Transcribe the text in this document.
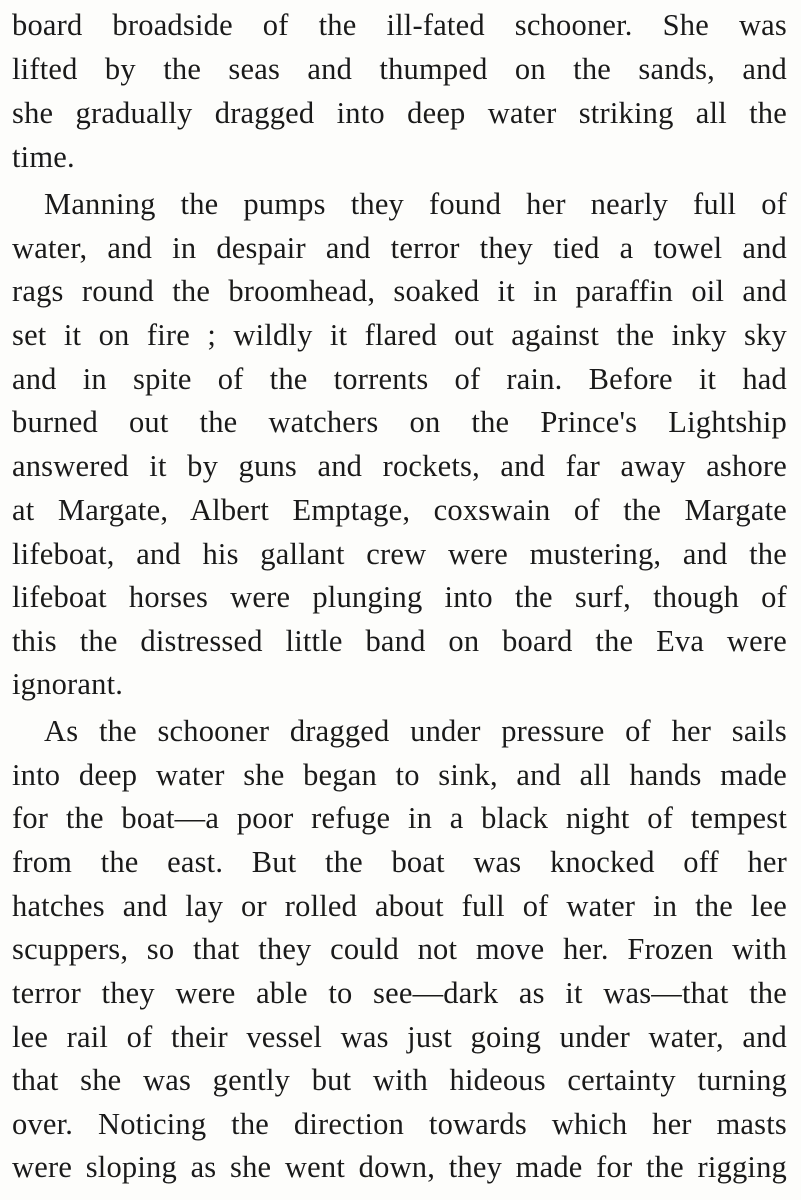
board broadside of the ill-fated schooner. She was
lifted by the seas and thumped on the sands, and
she gradually dragged into deep water striking all the
time.
Manning the pumps they found her nearly full of
water, and in despair and terror they tied a towel and
rags round the broomhead, soaked it in paraffin oil and
set it on fire ; wildly it flared out against the inky sky
and in spite of the torrents of rain. Before it had
burned out the watchers on the Prince's Lightship
answered it by guns and rockets, and far away ashore
at Margate, Albert Emptage, coxswain of the Margate
lifeboat, and his gallant crew were mustering, and the
lifeboat horses were plunging into the surf, though of
this the distressed little band on board the Eva were
ignorant.
As the schooner dragged under pressure of her sails
into deep water she began to sink, and all hands made
for the boat—a poor refuge in a black night of tempest
from the east. But the boat was knocked off her
hatches and lay or rolled about full of water in the lee
scuppers, so that they could not move her. Frozen with
terror they were able to see—dark as it was—that the
lee rail of their vessel was just going under water, and
that she was gently but with hideous certainty turning
over. Noticing the direction towards which her masts
were sloping as she went down, they made for the rigging
